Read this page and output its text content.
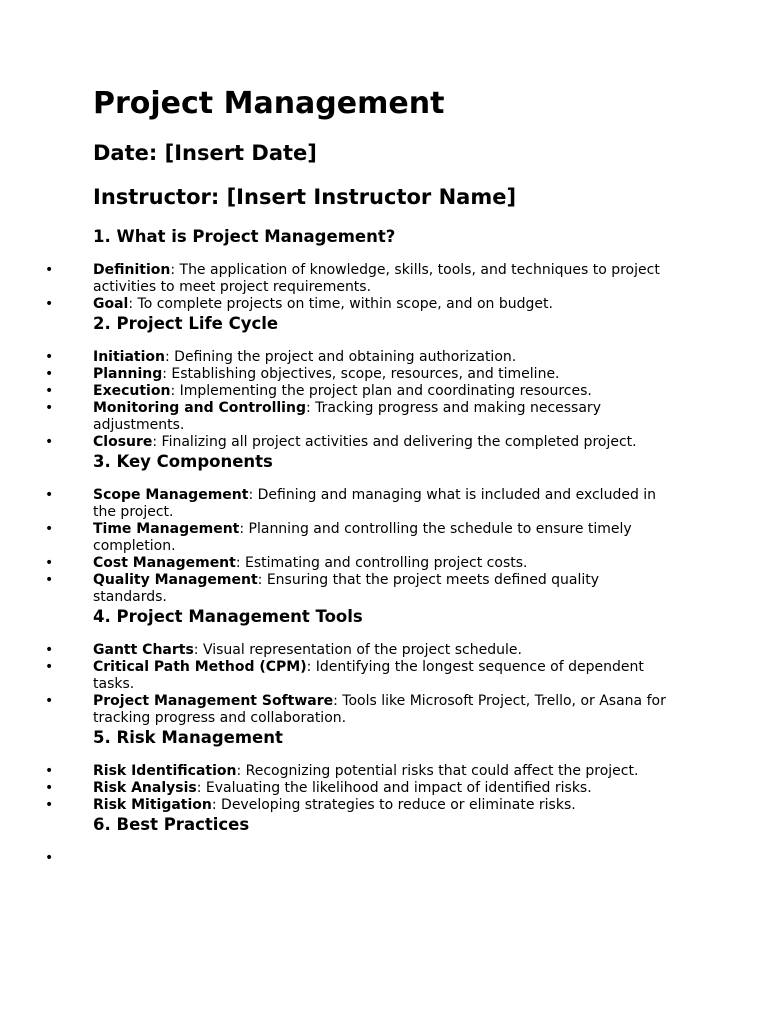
Project Management
Date: [Insert Date]
Instructor: [Insert Instructor Name]
1. What is Project Management?
•	Definition: The application of knowledge, skills, tools, and techniques to project activities to meet project requirements.
•	Goal: To complete projects on time, within scope, and on budget.
2. Project Life Cycle
•	Initiation: Defining the project and obtaining authorization.
•	Planning: Establishing objectives, scope, resources, and timeline.
•	Execution: Implementing the project plan and coordinating resources.
•	Monitoring and Controlling: Tracking progress and making necessary adjustments.
•	Closure: Finalizing all project activities and delivering the completed project.
3. Key Components
•	Scope Management: Defining and managing what is included and excluded in the project.
•	Time Management: Planning and controlling the schedule to ensure timely completion.
•	Cost Management: Estimating and controlling project costs.
•	Quality Management: Ensuring that the project meets defined quality standards.
4. Project Management Tools
•	Gantt Charts: Visual representation of the project schedule.
•	Critical Path Method (CPM): Identifying the longest sequence of dependent tasks.
•	Project Management Software: Tools like Microsoft Project, Trello, or Asana for tracking progress and collaboration.
5. Risk Management
•	Risk Identification: Recognizing potential risks that could affect the project.
•	Risk Analysis: Evaluating the likelihood and impact of identified risks.
•	Risk Mitigation: Developing strategies to reduce or eliminate risks.
6. Best Practices
•
